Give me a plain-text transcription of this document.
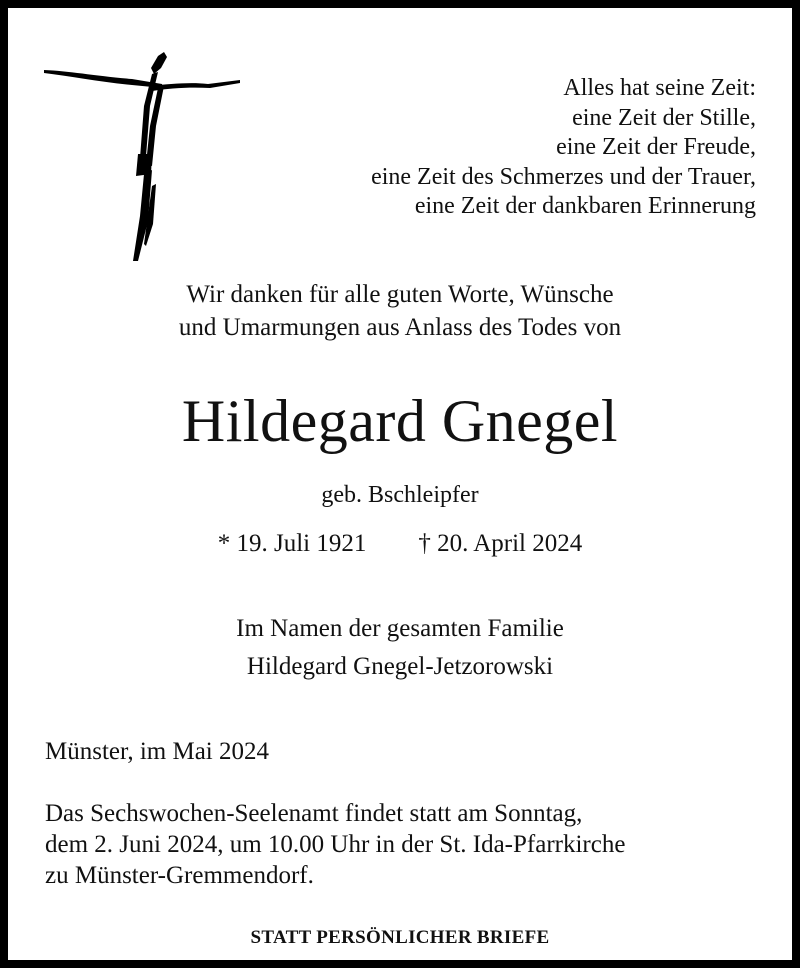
Alles hat seine Zeit:
eine Zeit der Stille,
eine Zeit der Freude,
eine Zeit des Schmerzes und der Trauer,
eine Zeit der dankbaren Erinnerung
Wir danken für alle guten Worte, Wünsche
und Umarmungen aus Anlass des Todes von
Hildegard Gnegel
geb. Bschleipfer
* 19. Juli 1921 † 20. April 2024
Im Namen der gesamten Familie
Hildegard Gnegel-Jetzorowski
Münster, im Mai 2024
Das Sechswochen-Seelenamt findet statt am Sonntag,
dem 2. Juni 2024, um 10.00 Uhr in der St. Ida-Pfarrkirche
zu Münster-Gremmendorf.
STATT PERSÖNLICHER BRIEFE
